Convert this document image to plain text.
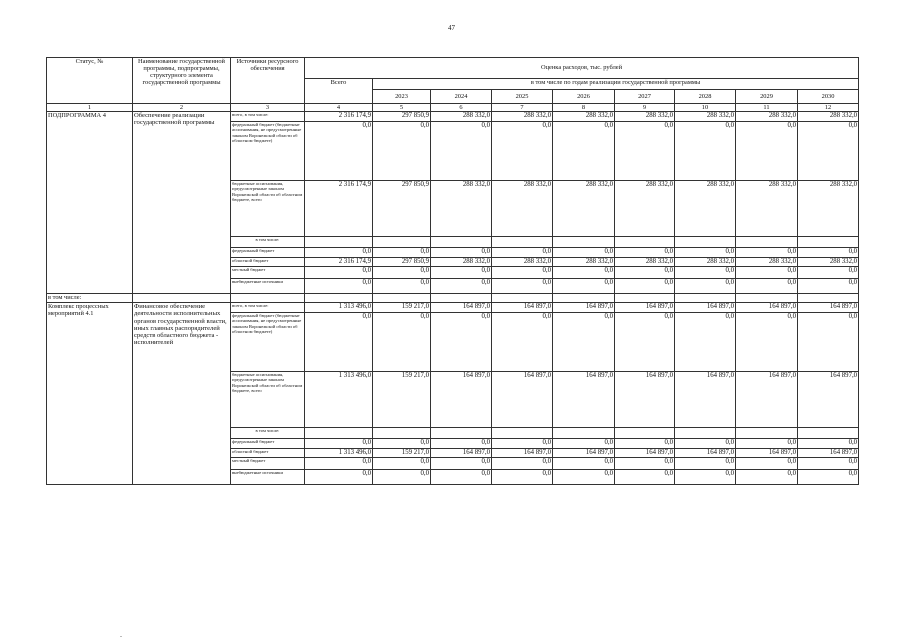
47
Статус, №	Наименование государственной программы, подпрограммы, структурного элемента государственной программы	Источники ресурсного обеспечения	Оценка расходов, тыс. рублей								
			Всего	в том числе по годам реализации государственной программы							
				2023	2024	2025	2026	2027	2028	2029	2030
1	2	3	4	5	6	7	8	9	10	11	12
ПОДПРОГРАММА 4	Обеспечение реализации государственной программы	всего, в том числе:	2 316 174,9	297 850,9	288 332,0	288 332,0	288 332,0	288 332,0	288 332,0	288 332,0	288 332,0
		федеральный бюджет (бюджетные ассигнования, не предусмотренные законом Воронежской области об областном бюджете)	0,0	0,0	0,0	0,0	0,0	0,0	0,0	0,0	0,0
		бюджетные ассигнования, предусмотренные законом Воронежской области об областном бюджете, всего	2 316 174,9	297 850,9	288 332,0	288 332,0	288 332,0	288 332,0	288 332,0	288 332,0	288 332,0
		в том числе:									
		федеральный бюджет	0,0	0,0	0,0	0,0	0,0	0,0	0,0	0,0	0,0
		областной бюджет	2 316 174,9	297 850,9	288 332,0	288 332,0	288 332,0	288 332,0	288 332,0	288 332,0	288 332,0
		местный бюджет	0,0	0,0	0,0	0,0	0,0	0,0	0,0	0,0	0,0
		внебюджетные источники	0,0	0,0	0,0	0,0	0,0	0,0	0,0	0,0	0,0
в том числе:											
Комплекс процессных мероприятий 4.1	Финансовое обеспечение деятельности исполнительных органов государственной власти, иных главных распорядителей средств областного бюджета - исполнителей	всего, в том числе:	1 313 496,0	159 217,0	164 897,0	164 897,0	164 897,0	164 897,0	164 897,0	164 897,0	164 897,0
		федеральный бюджет (бюджетные ассигнования, не предусмотренные законом Воронежской области об областном бюджете)	0,0	0,0	0,0	0,0	0,0	0,0	0,0	0,0	0,0
		бюджетные ассигнования, предусмотренные законом Воронежской области об областном бюджете, всего	1 313 496,0	159 217,0	164 897,0	164 897,0	164 897,0	164 897,0	164 897,0	164 897,0	164 897,0
		в том числе:									
		федеральный бюджет	0,0	0,0	0,0	0,0	0,0	0,0	0,0	0,0	0,0
		областной бюджет	1 313 496,0	159 217,0	164 897,0	164 897,0	164 897,0	164 897,0	164 897,0	164 897,0	164 897,0
		местный бюджет	0,0	0,0	0,0	0,0	0,0	0,0	0,0	0,0	0,0
		внебюджетные источники	0,0	0,0	0,0	0,0	0,0	0,0	0,0	0,0	0,0
